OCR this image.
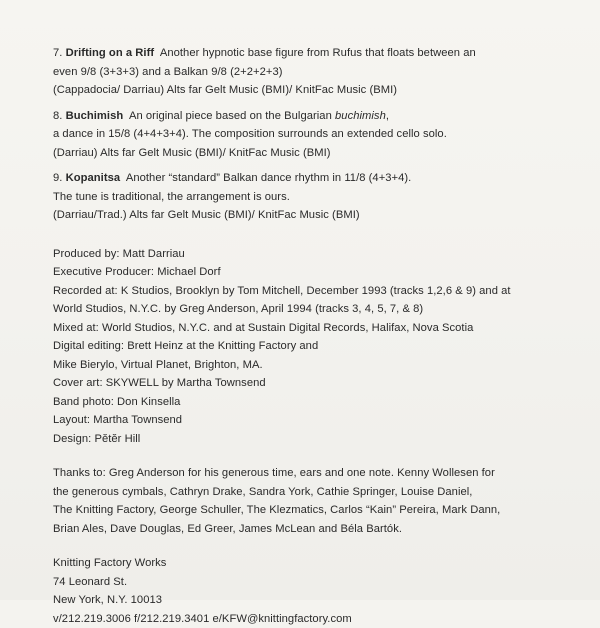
7. Drifting on a Riff Another hypnotic base figure from Rufus that floats between an
even 9/8 (3+3+3) and a Balkan 9/8 (2+2+2+3)
(Cappadocia/ Darriau) Alts far Gelt Music (BMI)/ KnitFac Music (BMI)
8. Buchimish An original piece based on the Bulgarian buchimish,
a dance in 15/8 (4+4+3+4). The composition surrounds an extended cello solo.
(Darriau) Alts far Gelt Music (BMI)/ KnitFac Music (BMI)
9. Kopanitsa Another “standard” Balkan dance rhythm in 11/8 (4+3+4).
The tune is traditional, the arrangement is ours.
(Darriau/Trad.) Alts far Gelt Music (BMI)/ KnitFac Music (BMI)
Produced by: Matt Darriau
Executive Producer: Michael Dorf
Recorded at: K Studios, Brooklyn by Tom Mitchell, December 1993 (tracks 1,2,6 & 9) and at
World Studios, N.Y.C. by Greg Anderson, April 1994 (tracks 3, 4, 5, 7, & 8)
Mixed at: World Studios, N.Y.C. and at Sustain Digital Records, Halifax, Nova Scotia
Digital editing: Brett Heinz at the Knitting Factory and
Mike Bierylo, Virtual Planet, Brighton, MA.
Cover art: SKYWELL by Martha Townsend
Band photo: Don Kinsella
Layout: Martha Townsend
Design: Pĕtĕr Hill
Thanks to: Greg Anderson for his generous time, ears and one note. Kenny Wollesen for
the generous cymbals, Cathryn Drake, Sandra York, Cathie Springer, Louise Daniel,
The Knitting Factory, George Schuller, The Klezmatics, Carlos “Kain” Pereira, Mark Dann,
Brian Ales, Dave Douglas, Ed Greer, James McLean and Béla Bartók.
Knitting Factory Works
74 Leonard St.
New York, N.Y. 10013
v/212.219.3006 f/212.219.3401 e/KFW@knittingfactory.com
